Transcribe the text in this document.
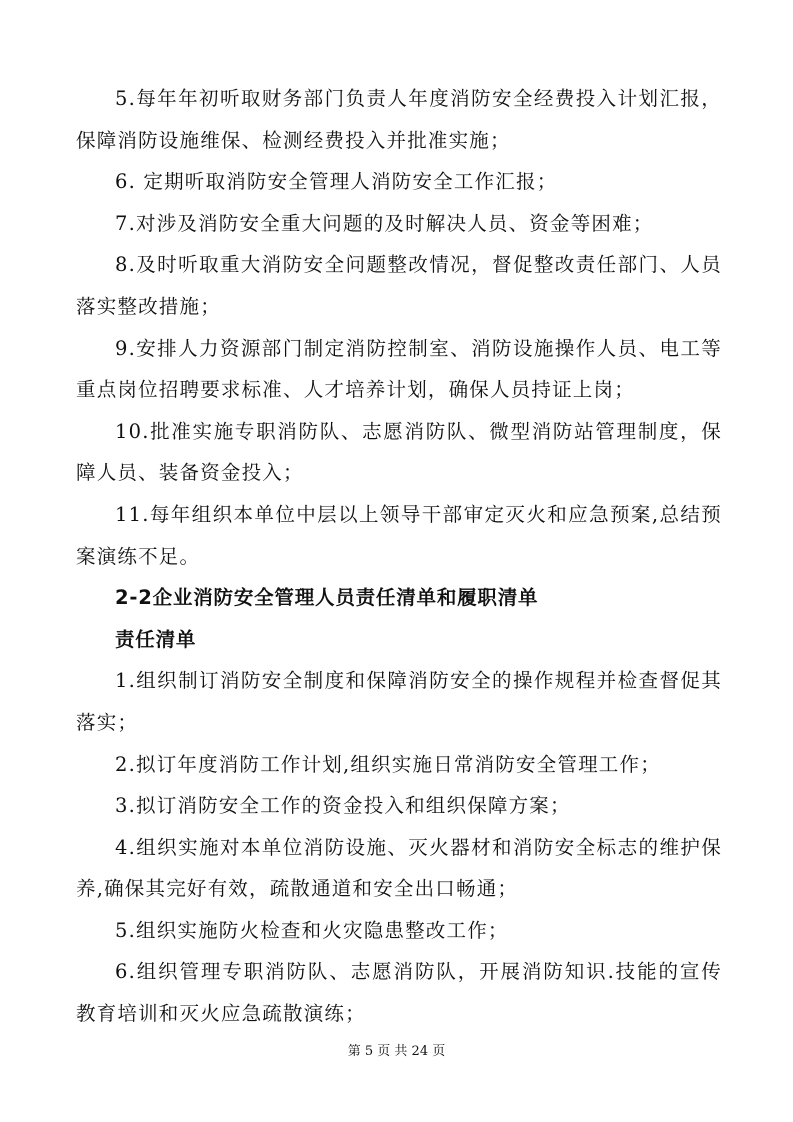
5.每年年初听取财务部门负责人年度消防安全经费投入计划汇报，保障消防设施维保、检测经费投入并批准实施；

6. 定期听取消防安全管理人消防安全工作汇报；

7.对涉及消防安全重大问题的及时解决人员、资金等困难；

8.及时听取重大消防安全问题整改情况，督促整改责任部门、人员落实整改措施；

9.安排人力资源部门制定消防控制室、消防设施操作人员、电工等重点岗位招聘要求标准、人才培养计划，确保人员持证上岗；

10.批准实施专职消防队、志愿消防队、微型消防站管理制度，保障人员、装备资金投入；

11.每年组织本单位中层以上领导干部审定灭火和应急预案,总结预案演练不足。

2-2企业消防安全管理人员责任清单和履职清单

责任清单

1.组织制订消防安全制度和保障消防安全的操作规程并检查督促其落实；

2.拟订年度消防工作计划,组织实施日常消防安全管理工作；

3.拟订消防安全工作的资金投入和组织保障方案；

4.组织实施对本单位消防设施、灭火器材和消防安全标志的维护保养,确保其完好有效，疏散通道和安全出口畅通；

5.组织实施防火检查和火灾隐患整改工作；

6.组织管理专职消防队、志愿消防队，开展消防知识.技能的宣传教育培训和灭火应急疏散演练；

第 5 页 共 24 页
